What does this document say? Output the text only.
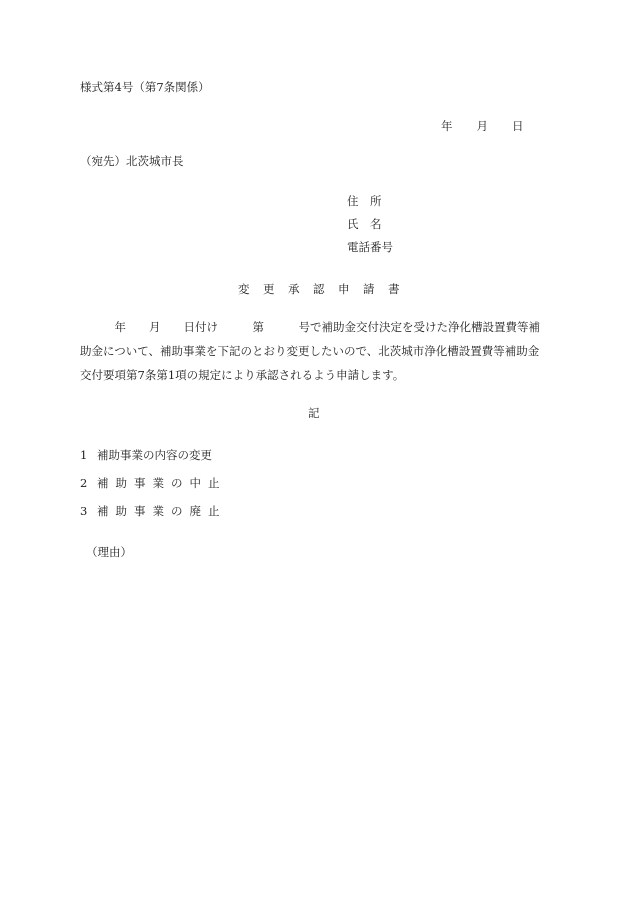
様式第4号（第7条関係）
年 月 日
（宛先）北茨城市長
住　所
氏　名
電話番号
変更承認申請書
　　　年　　月　　日付け　　　第　　　号で補助金交付決定を受けた浄化槽設置費等補
助金について、補助事業を下記のとおり変更したいので、北茨城市浄化槽設置費等補助金
交付要項第7条第1項の規定により承認されるよう申請します。
記
1 補助事業の内容の変更
2 補助事業の中止
3 補助事業の廃止
（理由）
